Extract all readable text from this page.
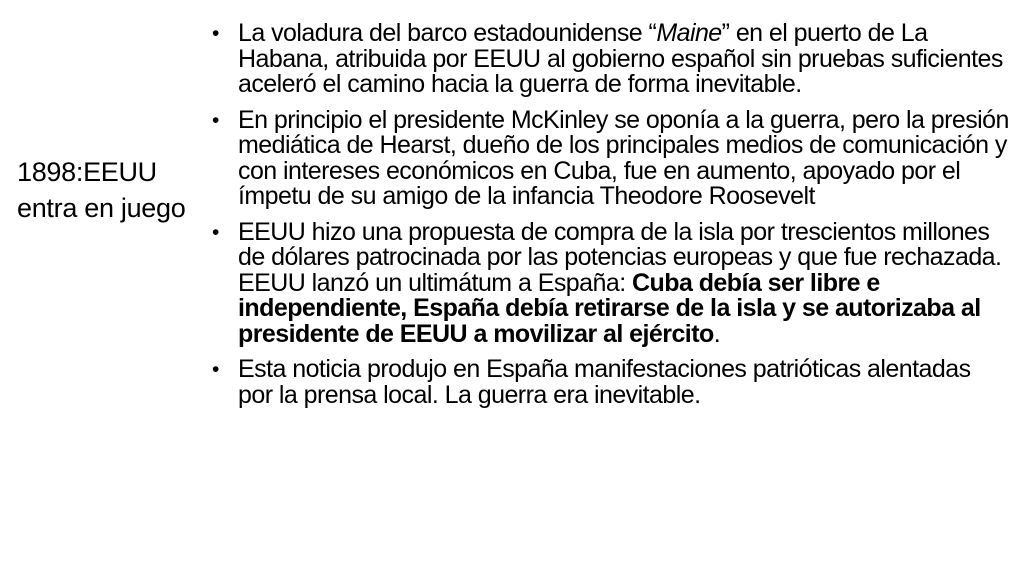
1898:EEUU entra en juego
• La voladura del barco estadounidense “Maine” en el puerto de La Habana, atribuida por EEUU al gobierno español sin pruebas suficientes aceleró el camino hacia la guerra de forma inevitable.
• En principio el presidente McKinley se oponía a la guerra, pero la presión mediática de Hearst, dueño de los principales medios de comunicación y con intereses económicos en Cuba, fue en aumento, apoyado por el ímpetu de su amigo de la infancia Theodore Roosevelt
• EEUU hizo una propuesta de compra de la isla por trescientos millones de dólares patrocinada por las potencias europeas y que fue rechazada. EEUU lanzó un ultimátum a España: Cuba debía ser libre e independiente, España debía retirarse de la isla y se autorizaba al presidente de EEUU a movilizar al ejército.
• Esta noticia produjo en España manifestaciones patrióticas alentadas por la prensa local. La guerra era inevitable.
